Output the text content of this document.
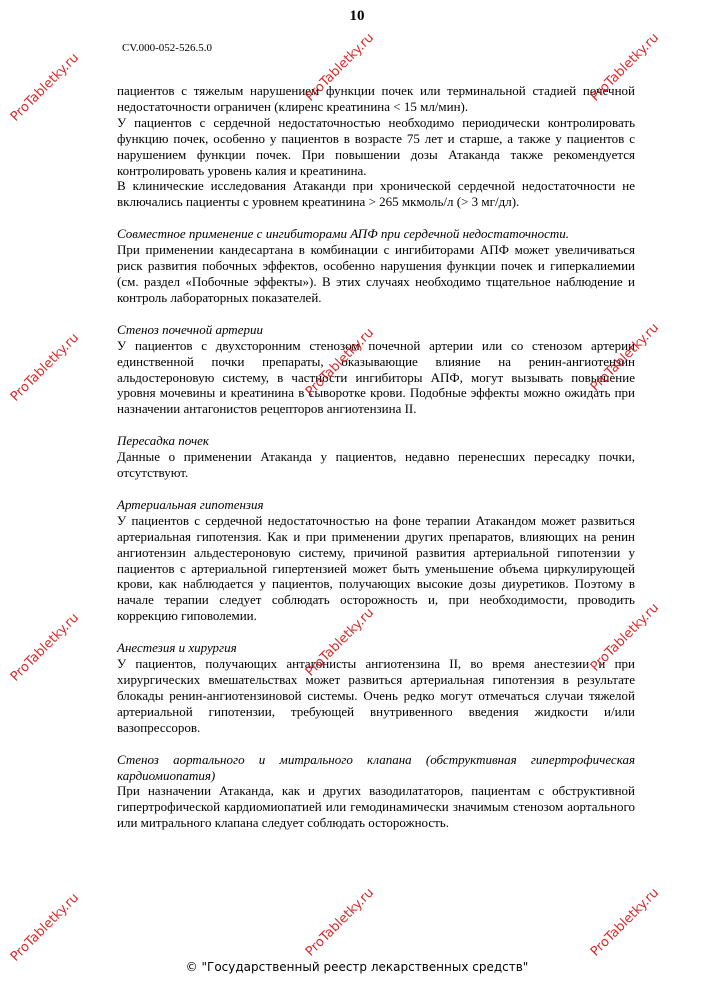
10
CV.000-052-526.5.0

пациентов с тяжелым нарушением функции почек или терминальной стадией почечной недостаточности ограничен (клиренс креатинина < 15 мл/мин).

У пациентов с сердечной недостаточностью необходимо периодически контролировать функцию почек, особенно у пациентов в возрасте 75 лет и старше, а также у пациентов с нарушением функции почек. При повышении дозы Атаканда также рекомендуется контролировать уровень калия и креатинина.

В клинические исследования Атаканди при хронической сердечной недостаточности не включались пациенты с уровнем креатинина > 265 мкмоль/л (> 3 мг/дл).

Совместное применение с ингибиторами АПФ при сердечной недостаточности.

При применении кандесартана в комбинации с ингибиторами АПФ может увеличиваться риск развития побочных эффектов, особенно нарушения функции почек и гиперкалиемии (см. раздел «Побочные эффекты»). В этих случаях необходимо тщательное наблюдение и контроль лабораторных показателей.

Стеноз почечной артерии

У пациентов с двухсторонним стенозом почечной артерии или со стенозом артерии единственной почки препараты, оказывающие влияние на ренин-ангиотензин альдостероновую систему, в частности ингибиторы АПФ, могут вызывать повышение уровня мочевины и креатинина в сыворотке крови. Подобные эффекты можно ожидать при назначении антагонистов рецепторов ангиотензина II.

Пересадка почек

Данные о применении Атаканда у пациентов, недавно перенесших пересадку почки, отсутствуют.

Артериальная гипотензия

У пациентов с сердечной недостаточностью на фоне терапии Атакандом может развиться артериальная гипотензия. Как и при применении других препаратов, влияющих на ренин ангиотензин альдестероновую систему, причиной развития артериальной гипотензии у пациентов с артериальной гипертензией может быть уменьшение объема циркулирующей крови, как наблюдается у пациентов, получающих высокие дозы диуретиков. Поэтому в начале терапии следует соблюдать осторожность и, при необходимости, проводить коррекцию гиповолемии.

Анестезия и хирургия

У пациентов, получающих антагонисты ангиотензина II, во время анестезии и при хирургических вмешательствах может развиться артериальная гипотензия в результате блокады ренин-ангиотензиновой системы. Очень редко могут отмечаться случаи тяжелой артериальной гипотензии, требующей внутривенного введения жидкости и/или вазопрессоров.

Стеноз аортального и митрального клапана (обструктивная гипертрофическая кардиомиопатия)

При назначении Атаканда, как и других вазодилататоров, пациентам с обструктивной гипертрофической кардиомиопатией или гемодинамически значимым стенозом аортального или митрального клапана следует соблюдать осторожность.

© "Государственный реестр лекарственных средств"
ProTabletky.ru	ProTabletky.ru	ProTabletky.ru
ProTabletky.ru	ProTabletky.ru	ProTabletky.ru
ProTabletky.ru	ProTabletky.ru	ProTabletky.ru
ProTabletky.ru	ProTabletky.ru	ProTabletky.ru
